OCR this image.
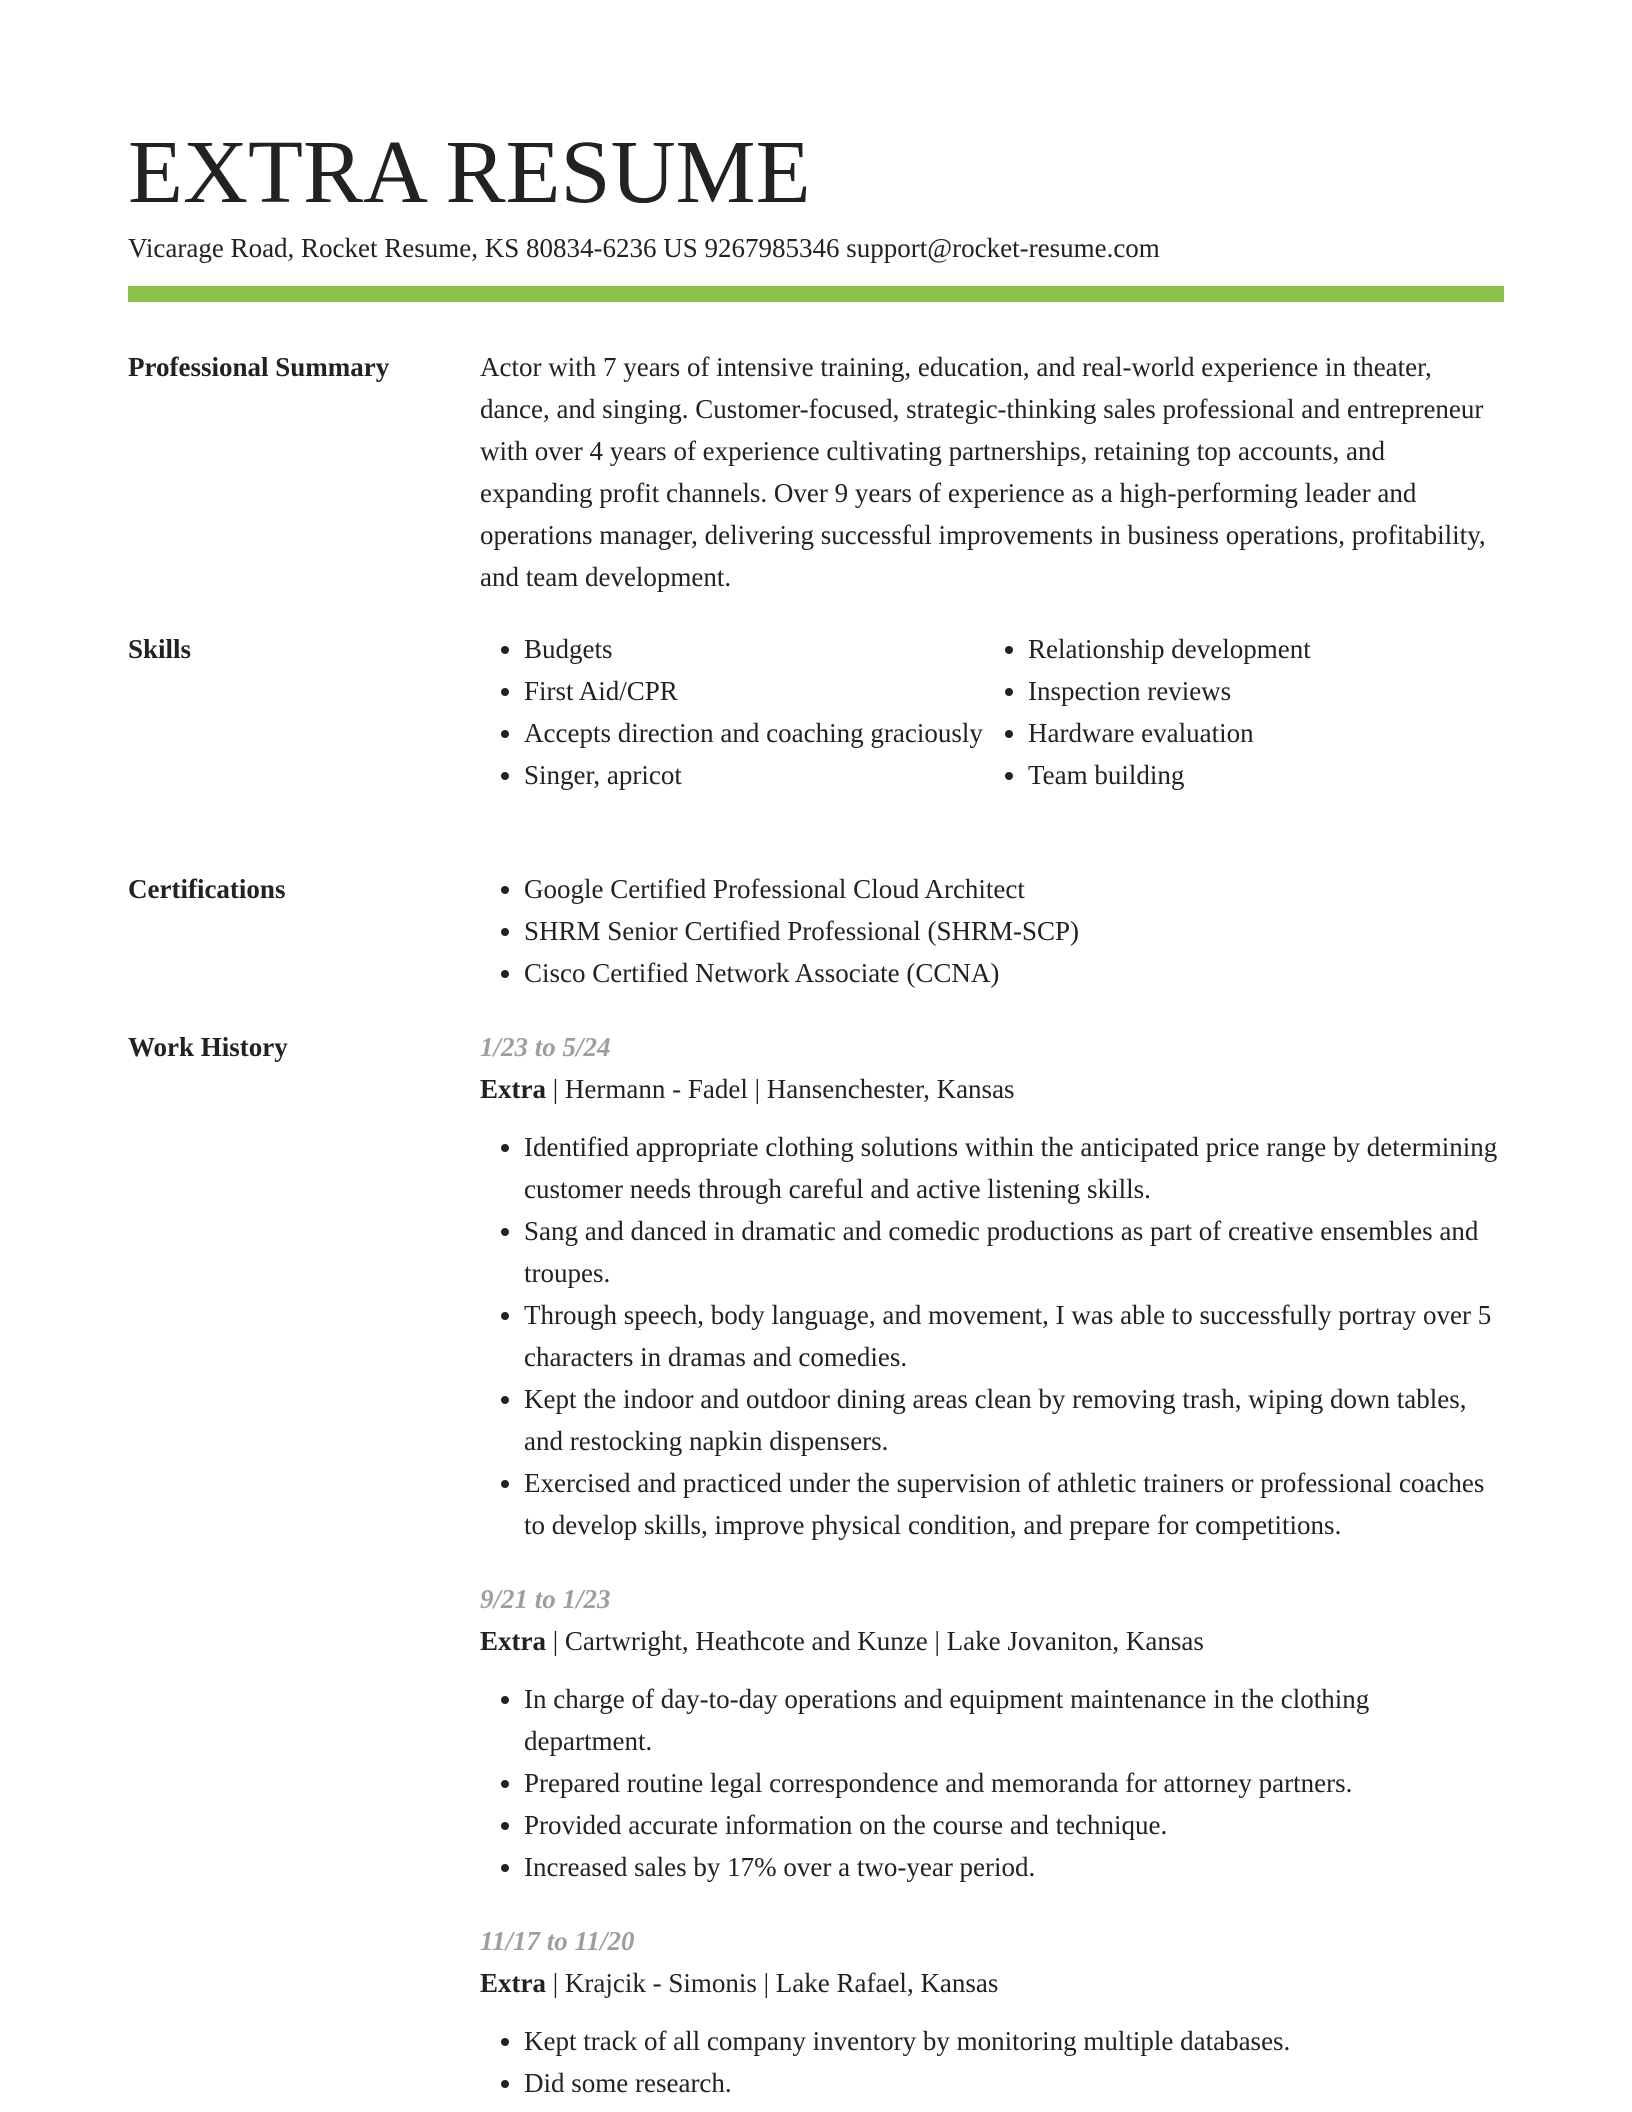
EXTRA RESUME
Vicarage Road, Rocket Resume, KS 80834-6236 US 9267985346 support@rocket-resume.com
Professional Summary	Actor with 7 years of intensive training, education, and real-world experience in theater, dance, and singing. Customer-focused, strategic-thinking sales professional and entrepreneur with over 4 years of experience cultivating partnerships, retaining top accounts, and expanding profit channels. Over 9 years of experience as a high-performing leader and operations manager, delivering successful improvements in business operations, profitability, and team development.

Skills	• Budgets
• First Aid/CPR
• Accepts direction and coaching graciously
• Singer, apricot
• Relationship development
• Inspection reviews
• Hardware evaluation
• Team building
Certifications	• Google Certified Professional Cloud Architect
• SHRM Senior Certified Professional (SHRM-SCP)
• Cisco Certified Network Associate (CCNA)
Work History	1/23 to 5/24
Extra | Hermann - Fadel | Hansenchester, Kansas
• Identified appropriate clothing solutions within the anticipated price range by determining customer needs through careful and active listening skills.
• Sang and danced in dramatic and comedic productions as part of creative ensembles and troupes.
• Through speech, body language, and movement, I was able to successfully portray over 5 characters in dramas and comedies.
• Kept the indoor and outdoor dining areas clean by removing trash, wiping down tables, and restocking napkin dispensers.
• Exercised and practiced under the supervision of athletic trainers or professional coaches to develop skills, improve physical condition, and prepare for competitions.
9/21 to 1/23
Extra | Cartwright, Heathcote and Kunze | Lake Jovaniton, Kansas
• In charge of day-to-day operations and equipment maintenance in the clothing department.
• Prepared routine legal correspondence and memoranda for attorney partners.
• Provided accurate information on the course and technique.
• Increased sales by 17% over a two-year period.
11/17 to 11/20
Extra | Krajcik - Simonis | Lake Rafael, Kansas
• Kept track of all company inventory by monitoring multiple databases.
• Did some research.
